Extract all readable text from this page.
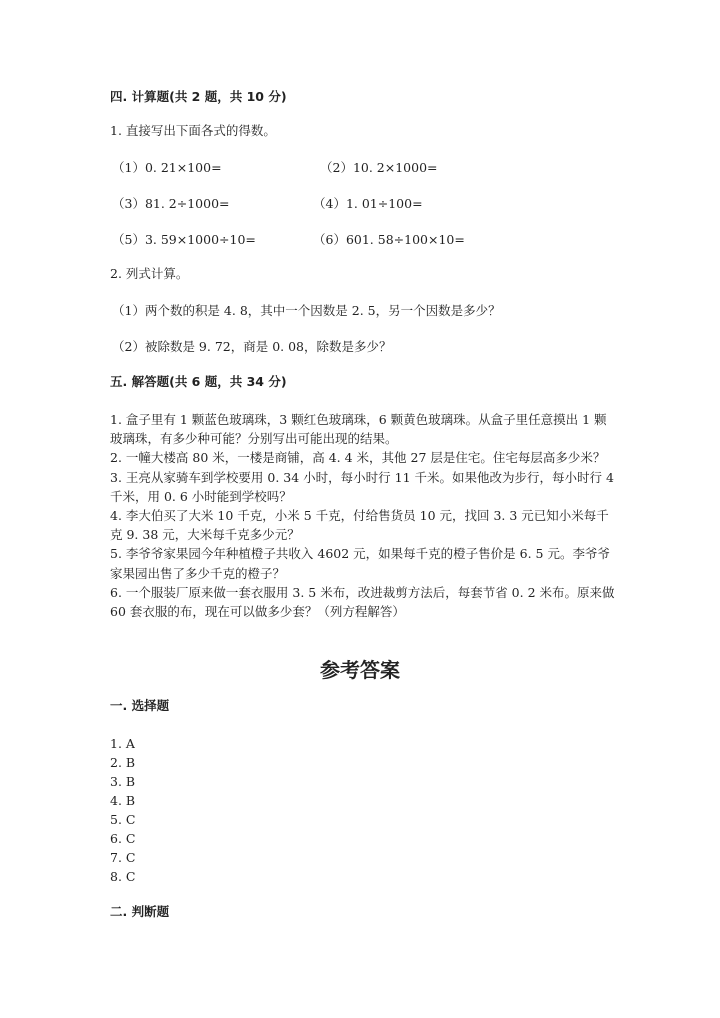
四. 计算题(共 2 题，共 10 分)
1. 直接写出下面各式的得数。
（1）0. 21×100=	（2）10. 2×1000=
（3）81. 2÷1000=	（4）1. 01÷100=
（5）3. 59×1000÷10=	（6）601. 58÷100×10=
2. 列式计算。
（1）两个数的积是 4. 8，其中一个因数是 2. 5，另一个因数是多少？
（2）被除数是 9. 72，商是 0. 08，除数是多少？
五. 解答题(共 6 题，共 34 分)
1. 盒子里有 1 颗蓝色玻璃珠，3 颗红色玻璃珠，6 颗黄色玻璃珠。从盒子里任意摸出 1 颗玻璃珠，有多少种可能？分别写出可能出现的结果。
2. 一幢大楼高 80 米，一楼是商铺，高 4. 4 米，其他 27 层是住宅。住宅每层高多少米？
3. 王亮从家骑车到学校要用 0. 34 小时，每小时行 11 千米。如果他改为步行，每小时行 4 千米，用 0. 6 小时能到学校吗？
4. 李大伯买了大米 10 千克，小米 5 千克，付给售货员 10 元，找回 3. 3 元已知小米每千克 9. 38 元，大米每千克多少元？
5. 李爷爷家果园今年种植橙子共收入 4602 元，如果每千克的橙子售价是 6. 5 元。李爷爷家果园出售了多少千克的橙子？
6. 一个服装厂原来做一套衣服用 3. 5 米布，改进裁剪方法后，每套节省 0. 2 米布。原来做 60 套衣服的布，现在可以做多少套？（列方程解答）
参考答案
一. 选择题
1. A
2. B
3. B
4. B
5. C
6. C
7. C
8. C
二. 判断题
